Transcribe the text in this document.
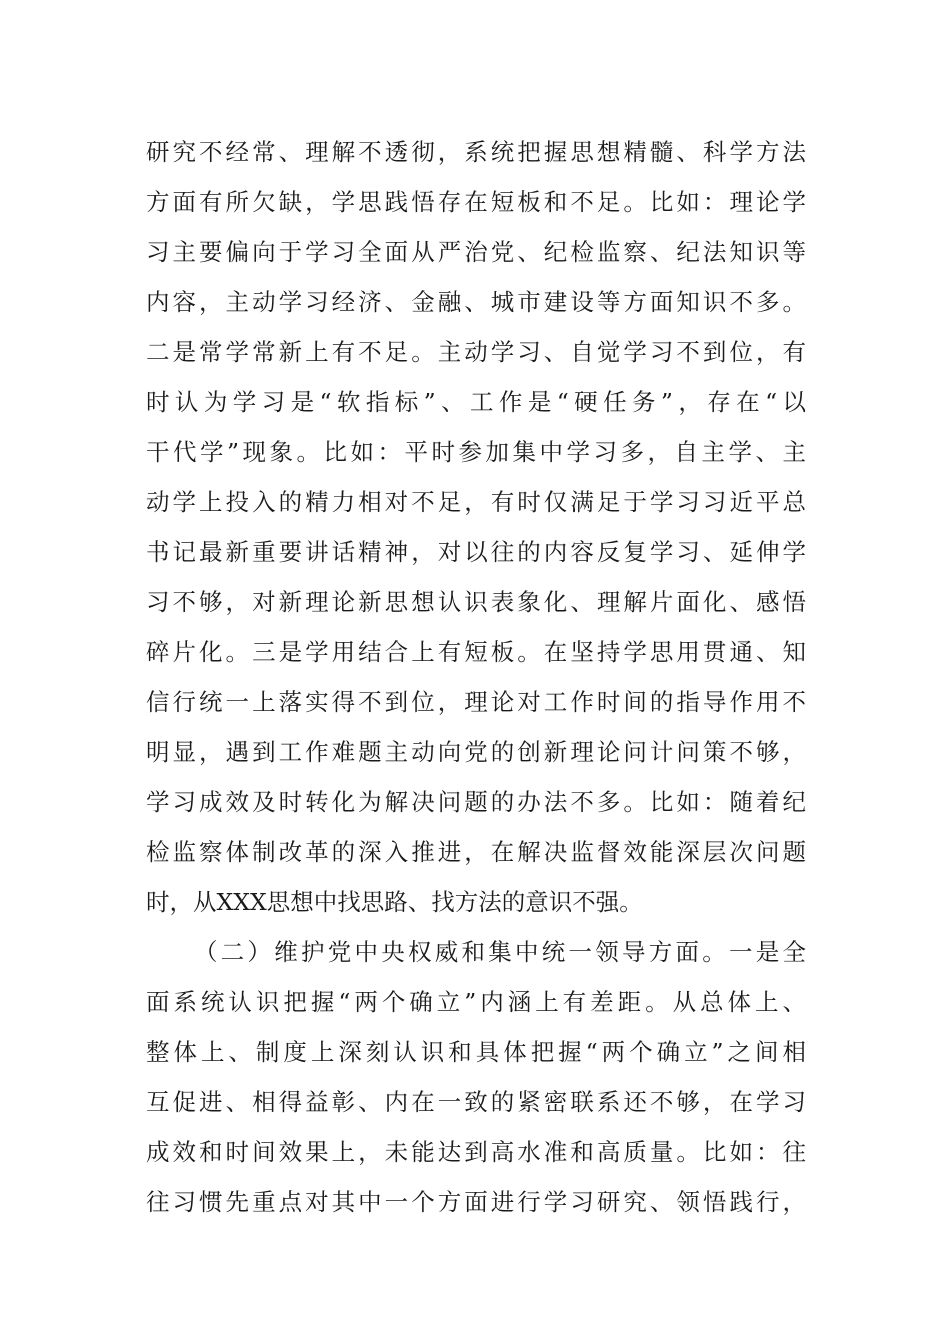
研究不经常、理解不透彻，系统把握思想精髓、科学方法
方面有所欠缺，学思践悟存在短板和不足。比如：理论学
习主要偏向于学习全面从严治党、纪检监察、纪法知识等
内容，主动学习经济、金融、城市建设等方面知识不多。
二是常学常新上有不足。主动学习、自觉学习不到位，有
时认为学习是“软指标”、工作是“硬任务”，存在“以
干代学”现象。比如：平时参加集中学习多，自主学、主
动学上投入的精力相对不足，有时仅满足于学习习近平总
书记最新重要讲话精神，对以往的内容反复学习、延伸学
习不够，对新理论新思想认识表象化、理解片面化、感悟
碎片化。三是学用结合上有短板。在坚持学思用贯通、知
信行统一上落实得不到位，理论对工作时间的指导作用不
明显，遇到工作难题主动向党的创新理论问计问策不够，
学习成效及时转化为解决问题的办法不多。比如：随着纪
检监察体制改革的深入推进，在解决监督效能深层次问题
时，从XXX思想中找思路、找方法的意识不强。
（二）维护党中央权威和集中统一领导方面。一是全
面系统认识把握“两个确立”内涵上有差距。从总体上、
整体上、制度上深刻认识和具体把握“两个确立”之间相
互促进、相得益彰、内在一致的紧密联系还不够，在学习
成效和时间效果上，未能达到高水准和高质量。比如：往
往习惯先重点对其中一个方面进行学习研究、领悟践行，
